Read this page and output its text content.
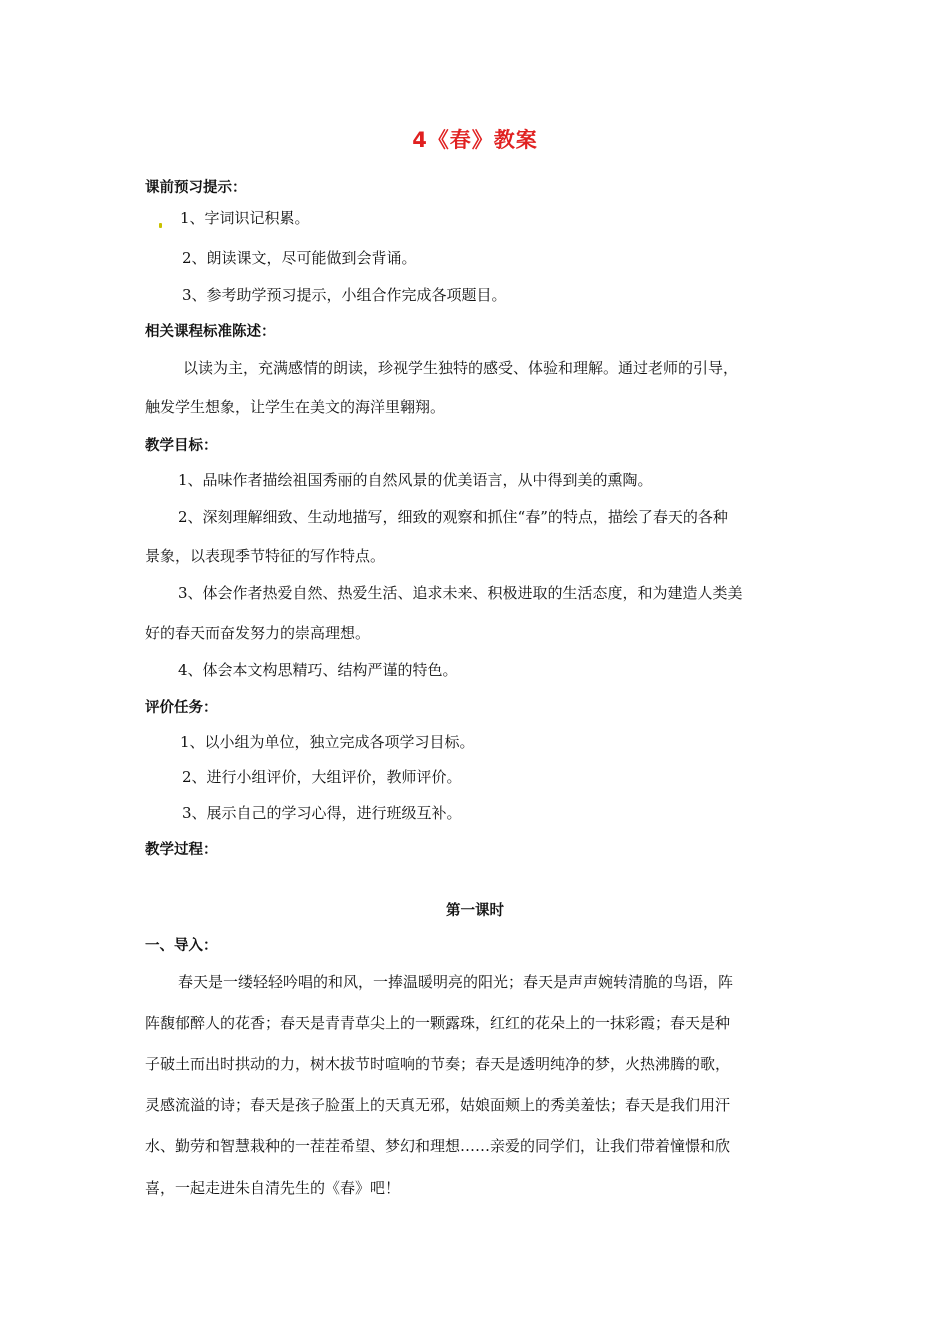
4《春》教案
课前预习提示：
1、字词识记积累。
2、朗读课文，尽可能做到会背诵。
3、参考助学预习提示，小组合作完成各项题目。
相关课程标准陈述：
以读为主，充满感情的朗读，珍视学生独特的感受、体验和理解。通过老师的引导，
触发学生想象，让学生在美文的海洋里翱翔。
教学目标：
1、品味作者描绘祖国秀丽的自然风景的优美语言，从中得到美的熏陶。
2、深刻理解细致、生动地描写，细致的观察和抓住“春”的特点，描绘了春天的各种
景象，以表现季节特征的写作特点。
3、体会作者热爱自然、热爱生活、追求未来、积极进取的生活态度，和为建造人类美
好的春天而奋发努力的崇高理想。
4、体会本文构思精巧、结构严谨的特色。
评价任务：
1、以小组为单位，独立完成各项学习目标。
2、进行小组评价，大组评价，教师评价。
3、展示自己的学习心得，进行班级互补。
教学过程：
第一课时
一、导入：
春天是一缕轻轻吟唱的和风，一捧温暖明亮的阳光；春天是声声婉转清脆的鸟语，阵
阵馥郁醉人的花香；春天是青青草尖上的一颗露珠，红红的花朵上的一抹彩霞；春天是种
子破土而出时拱动的力，树木拔节时喧响的节奏；春天是透明纯净的梦，火热沸腾的歌，
灵感流溢的诗；春天是孩子脸蛋上的天真无邪，姑娘面颊上的秀美羞怯；春天是我们用汗
水、勤劳和智慧栽种的一茬茬希望、梦幻和理想……亲爱的同学们，让我们带着憧憬和欣
喜，一起走进朱自清先生的《春》吧！
